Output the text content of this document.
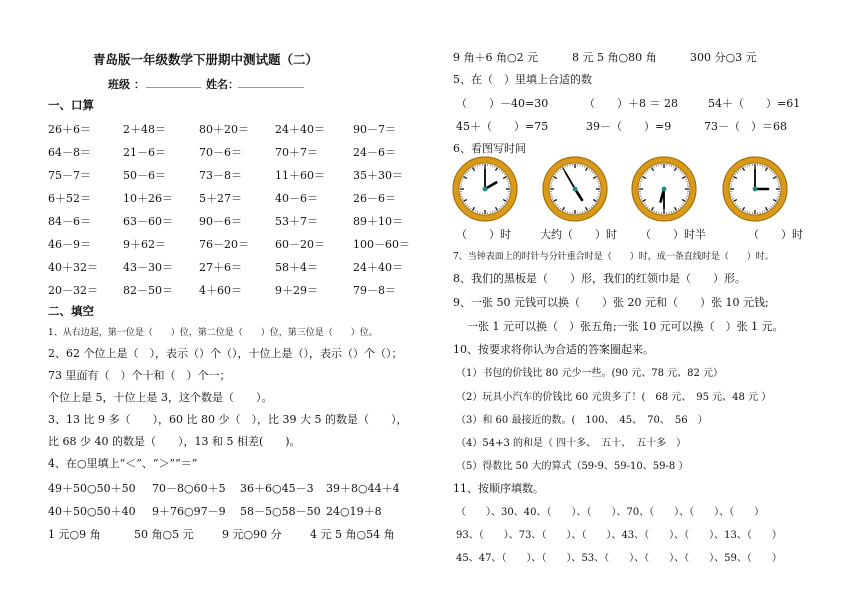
青岛版一年级数学下册期中测试题（二）
班级 ： __________ 姓名： ____________
一、口算
26＋6＝	2＋48＝	80＋20＝ 24＋40＝	90－7＝
64－8＝	21－6＝	70－6＝	70＋7＝	24－6＝
75－7＝	50－6＝	73－8＝	11＋60＝	35＋30＝
6＋52＝	10＋26＝ 5＋27＝	40－6＝	26－6＝
84－6＝	63－60＝ 90－6＝	53＋7＝	89＋10＝
46－9＝	9＋62＝	76－20＝ 60－20＝	100－60＝
40＋32＝ 43－30＝ 27＋6＝	58＋4＝	24＋40＝
20－32＝ 82－50＝ 4＋60＝	9＋29＝	79－8＝
二、填空
1、从右边起，第一位是（　　）位，第二位是（　　）位，第三位是（　　）位。
2、62 个位上是（　），表示（）个（），十位上是（），表示（）个（）；
73 里面有（　）个十和（　）个一；
个位上是 5，十位上是 3，这个数是（　　）。
3、13 比 9 多（　　），60 比 80 少（　），比 39 大 5 的数是（　　），
比 68 少 40 的数是（　　），13 和 5 相差(　　)。
4、在○里填上“＜”、“＞”“＝”
49＋50○50＋50 70－8○60＋5 36＋6○45－3 39＋8○44＋4
40＋50○50＋40 9＋76○97－9 58－5○58－50 24○19＋8
1 元○9 角	50 角○5 元	9 元○90 分	4 元 5 角○54 角
9 角＋6 角○2 元	8 元 5 角○80 角	300 分○3 元
5、在（　）里填上合适的数
（　　）－40=30	（　　）＋8 ＝ 28	54＋（　　）=61
45＋（　　）=75	39－（　　）=9	73－（　）＝68
6、看图写时间
（　　）时	大约（　　）时 （　　）时半	（　　）时
7、当钟表面上的时针与分针重合时是（　　）时，成一条直线时是（　　）时。
8、我们的黑板是（　　）形，我们的红领巾是（　　）形。
9、一张 50 元钱可以换（　　）张 20 元和（　　）张 10 元钱;
一张 1 元可以换（　）张五角;一张 10 元可以换（　）张 1 元。
10、按要求将你认为合适的答案圈起来。
（1）书包的价钱比 80 元少一些。(90 元、78 元、82 元）
（2）玩具小汽车的价钱比 60 元贵多了！(　68 元、　95 元、48 元 ）
（3）和 60 最接近的数。(　100、　45、　70、　56　）
（4）54+3 的和是（ 四十多、　五十、　五十多　）
（5）得数比 50 大的算式（59-9、59-10、59-8 ）
11、按顺序填数。
（　　）、30、40、（　　）、（　　）、70、（　　）、（　　）、（　　）
93、（　　）、73、（　　）、（　　）、43、（　　）、（　　）、13、（　　）
45、47、（　　）、（　　）、53、（　　）、（　　）、（　　）、59、（　　）
